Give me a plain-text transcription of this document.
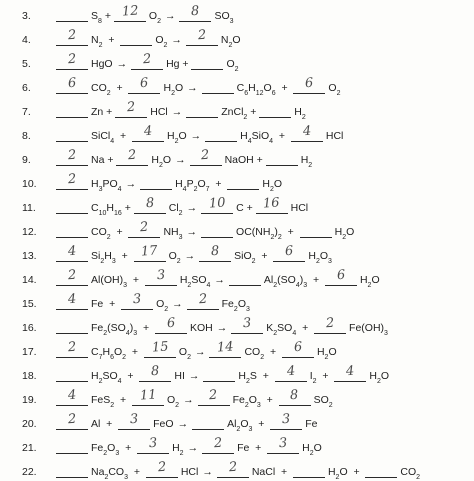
3.	S 8 + 12 O 2 →	8	SO 3
4.	2	N 2 +	O 2 →	2	N 2 O
5.	2	HgO →	2	Hg +	O 2
6.	6	CO 2 + 6	H 2 O →	C 6 H 12 O 6 + 6	O 2
7.	Zn + 2	HCl →	ZnCl 2 +	H 2
8.	SiCl 4 + 4	H 2 O →	H 4 SiO 4 + 4	HCl
9.	2	Na + 2	H 2 O →	2	NaOH +	H 2
10.	2	H 3 PO 4 →	H 4 P 2 O 7 +	H 2 O
11.	C 10 H 16 + 8	Cl 2 → 10 C + 16 HCl
12.	CO 2 + 2	NH 3 →	OC(NH 2 ) 2 +	H 2 O
13.	4	Si 2 H 3 + 17 O 2 →	8	SiO 2 + 6	H 2 O 3
14.	2	Al(OH) 3 + 3	H 2 SO 4 →	Al 2 (SO 4 ) 3 + 6	H 2 O
15.	4	Fe  + 3	O 2 →	2	Fe 2 O 3
16.	Fe 2 (SO 4 ) 3 + 6	KOH →	3	K 2 SO 4 + 2	Fe(OH) 3
17.	2	C 7 H 6 O 2 + 15 O 2 → 14 CO 2 + 6	H 2 O
18.	H 2 SO 4 + 8	HI →	H 2 S  + 4	I 2 + 4	H 2 O
19.	4	FeS 2 + 11 O 2 →	2	Fe 2 O 3 + 8	SO 2
20.	2	Al  + 3	FeO →	Al 2 O 3 + 3	Fe
21.	Fe 2 O 3 + 3	H 2 →	2	Fe  + 3	H 2 O
22.	Na 2 CO 3 + 2	HCl →	2	NaCl  +	H 2 O  +	CO 2
